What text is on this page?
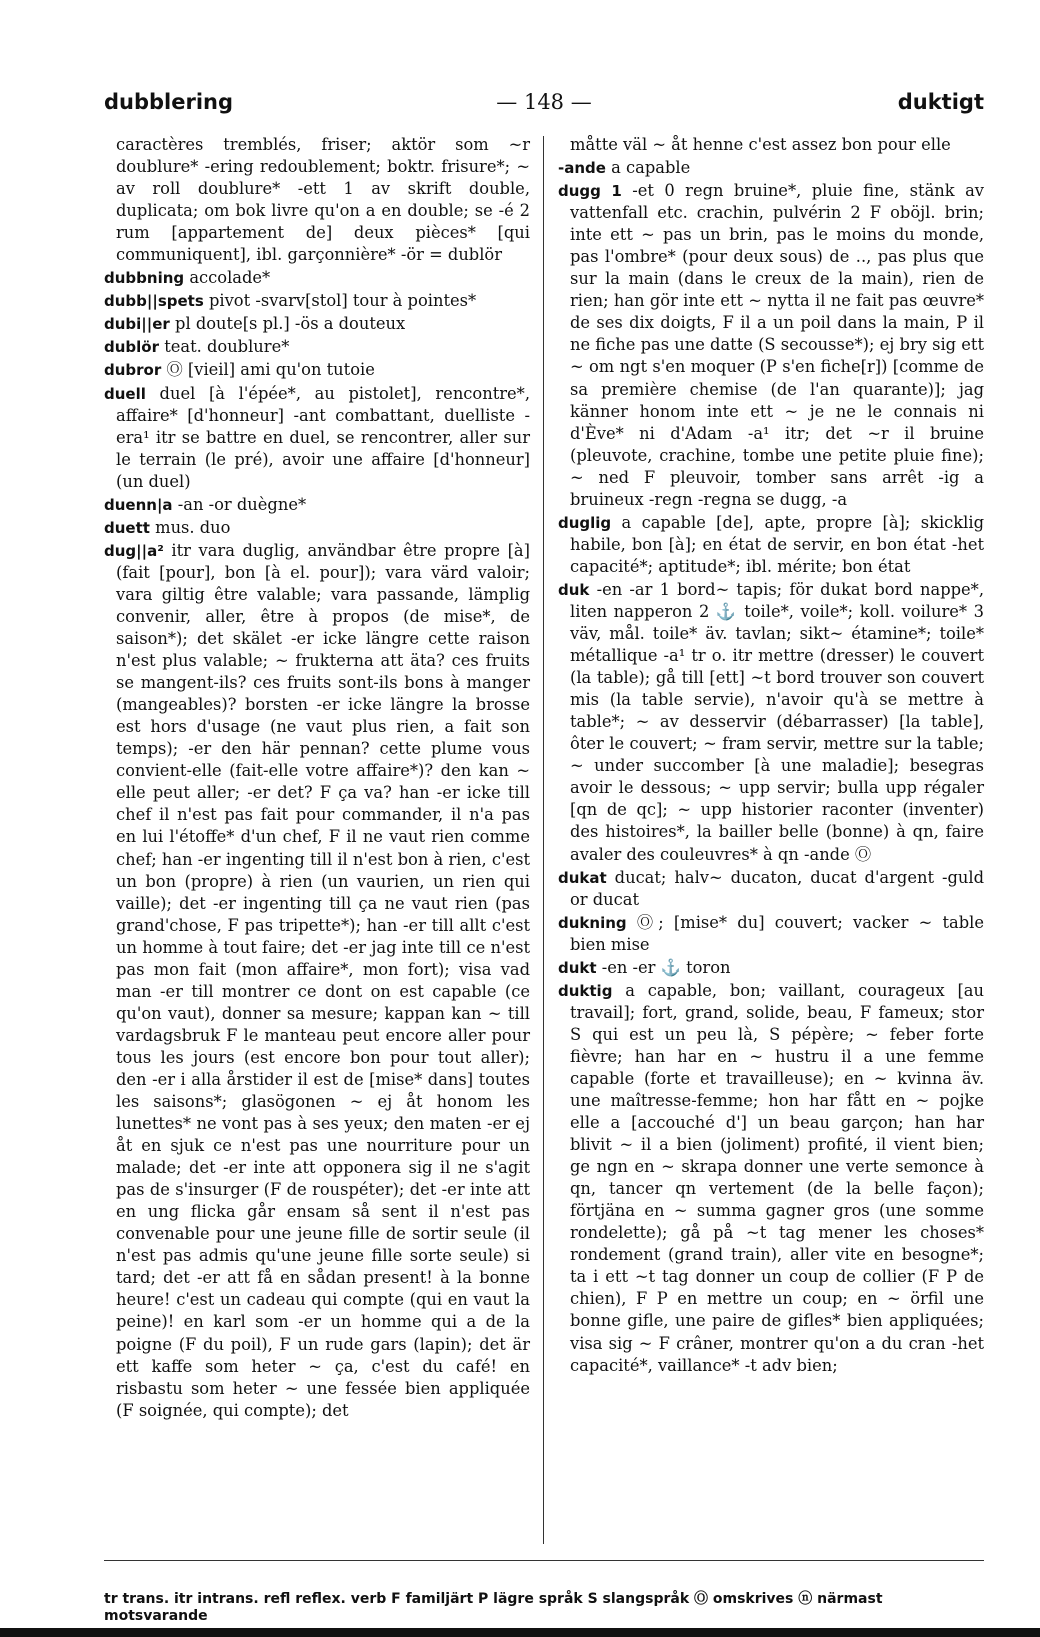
dubblering	— 148 —	duktigt

caractères tremblés, friser; aktör som ~r doublure* -ering redoublement; boktr. frisure*; ~ av roll doublure* -ett 1 av skrift double, duplicata; om bok livre qu'on a en double; se -é 2 rum [appartement de] deux pièces* [qui communiquent], ibl. garçonnière* -ör = dublör

dubbning accolade*

dubb||spets pivot -svarv[stol] tour à pointes*

dubi||er pl doute[s pl.] -ös a douteux

dublör teat. doublure*

dubror Ⓞ [vieil] ami qu'on tutoie

duell duel [à l'épée*, au pistolet], rencontre*, affaire* [d'honneur] -ant combattant, duelliste -era¹ itr se battre en duel, se rencontrer, aller sur le terrain (le pré), avoir une affaire [d'honneur] (un duel)

duenn|a -an -or duègne*

duett mus. duo

dug||a² itr vara duglig, användbar être propre [à] (fait [pour], bon [à el. pour]); vara värd valoir; vara giltig être valable; vara passande, lämplig convenir, aller, être à propos (de mise*, de saison*); det skälet -er icke längre cette raison n'est plus valable; ~ frukterna att äta? ces fruits se mangent-ils? ces fruits sont-ils bons à manger (mangeables)? borsten -er icke längre la brosse est hors d'usage (ne vaut plus rien, a fait son temps); -er den här pennan? cette plume vous convient-elle (fait-elle votre affaire*)? den kan ~ elle peut aller; -er det? F ça va? han -er icke till chef il n'est pas fait pour commander, il n'a pas en lui l'étoffe* d'un chef, F il ne vaut rien comme chef; han -er ingenting till il n'est bon à rien, c'est un bon (propre) à rien (un vaurien, un rien qui vaille); det -er ingenting till ça ne vaut rien (pas grand'chose, F pas tripette*); han -er till allt c'est un homme à tout faire; det -er jag inte till ce n'est pas mon fait (mon affaire*, mon fort); visa vad man -er till montrer ce dont on est capable (ce qu'on vaut), donner sa mesure; kappan kan ~ till vardagsbruk F le manteau peut encore aller pour tous les jours (est encore bon pour tout aller); den -er i alla årstider il est de [mise* dans] toutes les saisons*; glasögonen ~ ej åt honom les lunettes* ne vont pas à ses yeux; den maten -er ej åt en sjuk ce n'est pas une nourriture pour un malade; det -er inte att opponera sig il ne s'agit pas de s'insurger (F de rouspéter); det -er inte att en ung flicka går ensam så sent il n'est pas convenable pour une jeune fille de sortir seule (il n'est pas admis qu'une jeune fille sorte seule) si tard; det -er att få en sådan present! à la bonne heure! c'est un cadeau qui compte (qui en vaut la peine)! en karl som -er un homme qui a de la poigne (F du poil), F un rude gars (lapin); det är ett kaffe som heter ~ ça, c'est du café! en risbastu som heter ~ une fessée bien appliquée (F soignée, qui compte); det

måtte väl ~ åt henne c'est assez bon pour elle

-ande a capable

dugg 1 -et 0 regn bruine*, pluie fine, stänk av vattenfall etc. crachin, pulvérin 2 F oböjl. brin; inte ett ~ pas un brin, pas le moins du monde, pas l'ombre* (pour deux sous) de .., pas plus que sur la main (dans le creux de la main), rien de rien; han gör inte ett ~ nytta il ne fait pas œuvre* de ses dix doigts, F il a un poil dans la main, P il ne fiche pas une datte (S secousse*); ej bry sig ett ~ om ngt s'en moquer (P s'en fiche[r]) [comme de sa première chemise (de l'an quarante)]; jag känner honom inte ett ~ je ne le connais ni d'Ève* ni d'Adam -a¹ itr; det ~r il bruine (pleuvote, crachine, tombe une petite pluie fine); ~ ned F pleuvoir, tomber sans arrêt -ig a bruineux -regn -regna se dugg, -a

duglig a capable [de], apte, propre [à]; skicklig habile, bon [à]; en état de servir, en bon état -het capacité*; aptitude*; ibl. mérite; bon état

duk -en -ar 1 bord~ tapis; för dukat bord nappe*, liten napperon 2 ⚓ toile*, voile*; koll. voilure* 3 väv, mål. toile* äv. tavlan; sikt~ étamine*; toile* métallique -a¹ tr o. itr mettre (dresser) le couvert (la table); gå till [ett] ~t bord trouver son couvert mis (la table servie), n'avoir qu'à se mettre à table*; ~ av desservir (débarrasser) [la table], ôter le couvert; ~ fram servir, mettre sur la table; ~ under succomber [à une maladie]; besegras avoir le dessous; ~ upp servir; bulla upp régaler [qn de qc]; ~ upp historier raconter (inventer) des histoires*, la bailler belle (bonne) à qn, faire avaler des couleuvres* à qn -ande Ⓞ

dukat ducat; halv~ ducaton, ducat d'argent -guld or ducat

dukning Ⓞ; [mise* du] couvert; vacker ~ table bien mise

dukt -en -er ⚓ toron

duktig a capable, bon; vaillant, courageux [au travail]; fort, grand, solide, beau, F fameux; stor S qui est un peu là, S pépère; ~ feber forte fièvre; han har en ~ hustru il a une femme capable (forte et travailleuse); en ~ kvinna äv. une maîtresse-femme; hon har fått en ~ pojke elle a [accouché d'] un beau garçon; han har blivit ~ il a bien (joliment) profité, il vient bien; ge ngn en ~ skrapa donner une verte semonce à qn, tancer qn vertement (de la belle façon); förtjäna en ~ summa gagner gros (une somme rondelette); gå på ~t tag mener les choses* rondement (grand train), aller vite en besogne*; ta i ett ~t tag donner un coup de collier (F P de chien), F P en mettre un coup; en ~ örfil une bonne gifle, une paire de gifles* bien appliquées; visa sig ~ F crâner, montrer qu'on a du cran -het capacité*, vaillance* -t adv bien;

tr trans. itr intrans. refl reflex. verb F familjärt P lägre språk S slangspråk Ⓞ omskrives ⓝ närmast motsvarande
